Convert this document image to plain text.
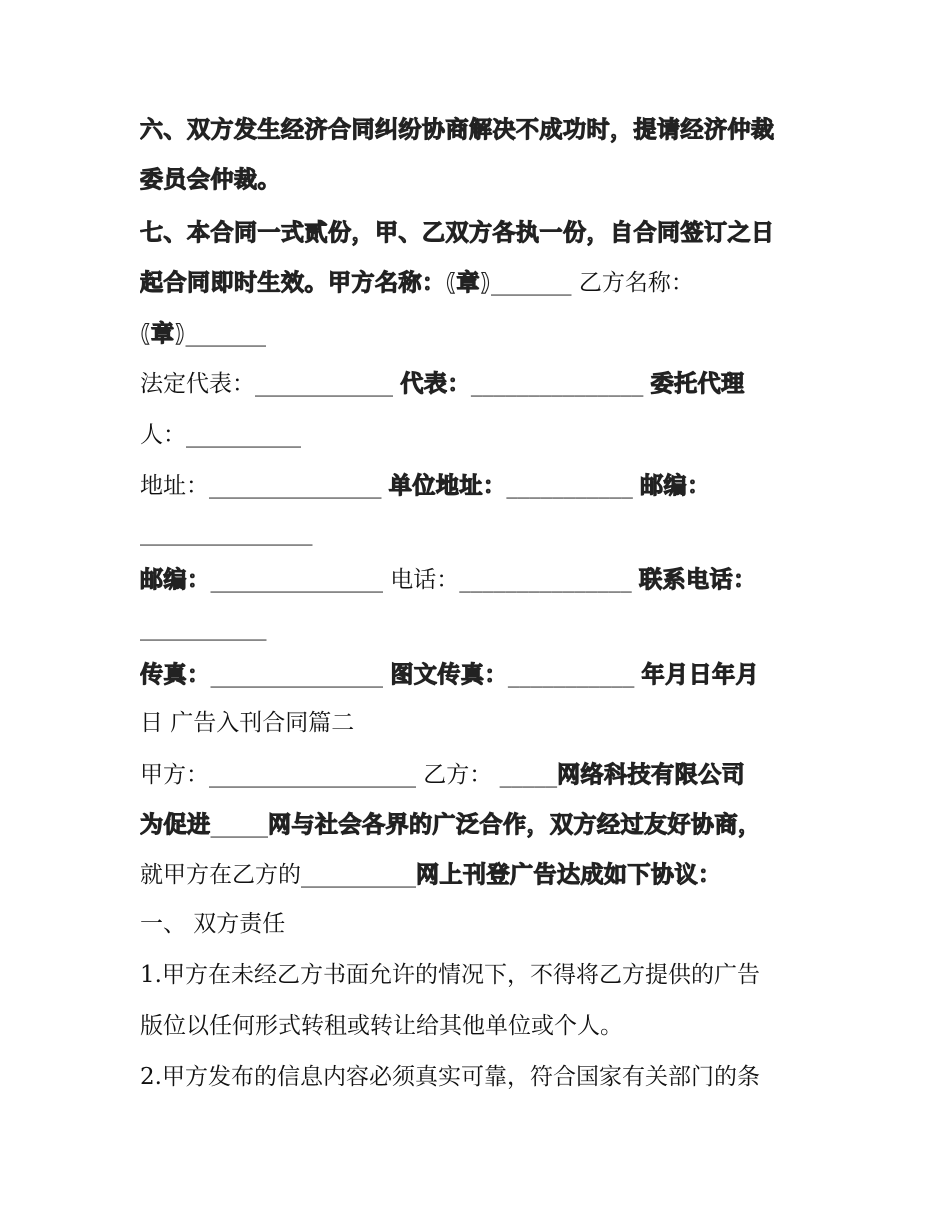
六、双方发生经济合同纠纷协商解决不成功时，提请经济仲裁
委员会仲裁。
七、本合同一式贰份，甲、乙双方各执一份，自合同签订之日
起合同即时生效。甲方名称：(章)_______ 乙方名称：
(章)_______
法定代表：____________ 代表：_______________ 委托代理
人：__________
地址：_______________ 单位地址：___________ 邮编：
_______________
邮编：_______________ 电话：_______________ 联系电话：
___________
传真：_______________ 图文传真：___________ 年月日年月
日 广告入刊合同篇二
甲方：__________________ 乙方： _____网络科技有限公司
为促进_____网与社会各界的广泛合作，双方经过友好协商，
就甲方在乙方的__________网上刊登广告达成如下协议：
一、 双方责任
1.甲方在未经乙方书面允许的情况下，不得将乙方提供的广告
版位以任何形式转租或转让给其他单位或个人。
2.甲方发布的信息内容必须真实可靠，符合国家有关部门的条
